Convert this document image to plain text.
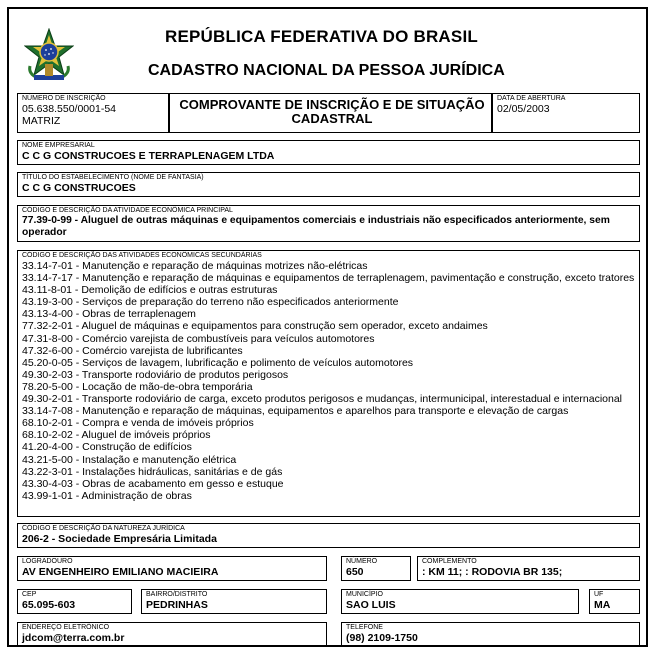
REPÚBLICA FEDERATIVA DO BRASIL
CADASTRO NACIONAL DA PESSOA JURÍDICA
NÚMERO DE INSCRIÇÃO
05.638.550/0001-54
MATRIZ
COMPROVANTE DE INSCRIÇÃO E DE SITUAÇÃO CADASTRAL
DATA DE ABERTURA
02/05/2003
NOME EMPRESARIAL
C C G CONSTRUCOES E TERRAPLENAGEM LTDA
TÍTULO DO ESTABELECIMENTO (NOME DE FANTASIA)
C C G CONSTRUCOES
CÓDIGO E DESCRIÇÃO DA ATIVIDADE ECONÔMICA PRINCIPAL
77.39-0-99 - Aluguel de outras máquinas e equipamentos comerciais e industriais não especificados anteriormente, sem operador
CÓDIGO E DESCRIÇÃO DAS ATIVIDADES ECONÔMICAS SECUNDÁRIAS
33.14-7-01 - Manutenção e reparação de máquinas motrizes não-elétricas
33.14-7-17 - Manutenção e reparação de máquinas e equipamentos de terraplenagem, pavimentação e construção, exceto tratores
43.11-8-01 - Demolição de edifícios e outras estruturas
43.19-3-00 - Serviços de preparação do terreno não especificados anteriormente
43.13-4-00 - Obras de terraplenagem
77.32-2-01 - Aluguel de máquinas e equipamentos para construção sem operador, exceto andaimes
47.31-8-00 - Comércio varejista de combustíveis para veículos automotores
47.32-6-00 - Comércio varejista de lubrificantes
45.20-0-05 - Serviços de lavagem, lubrificação e polimento de veículos automotores
49.30-2-03 - Transporte rodoviário de produtos perigosos
78.20-5-00 - Locação de mão-de-obra temporária
49.30-2-01 - Transporte rodoviário de carga, exceto produtos perigosos e mudanças, intermunicipal, interestadual e internacional
33.14-7-08 - Manutenção e reparação de máquinas, equipamentos e aparelhos para transporte e elevação de cargas
68.10-2-01 - Compra e venda de imóveis próprios
68.10-2-02 - Aluguel de imóveis próprios
41.20-4-00 - Construção de edifícios
43.21-5-00 - Instalação e manutenção elétrica
43.22-3-01 - Instalações hidráulicas, sanitárias e de gás
43.30-4-03 - Obras de acabamento em gesso e estuque
43.99-1-01 - Administração de obras
CÓDIGO E DESCRIÇÃO DA NATUREZA JURÍDICA
206-2 - Sociedade Empresária Limitada
LOGRADOURO
AV ENGENHEIRO EMILIANO MACIEIRA
NÚMERO
650
COMPLEMENTO
: KM 11; : RODOVIA BR 135;
CEP
65.095-603
BAIRRO/DISTRITO
PEDRINHAS
MUNICÍPIO
SAO LUIS
UF
MA
ENDEREÇO ELETRÔNICO
jdcom@terra.com.br
TELEFONE
(98) 2109-1750
